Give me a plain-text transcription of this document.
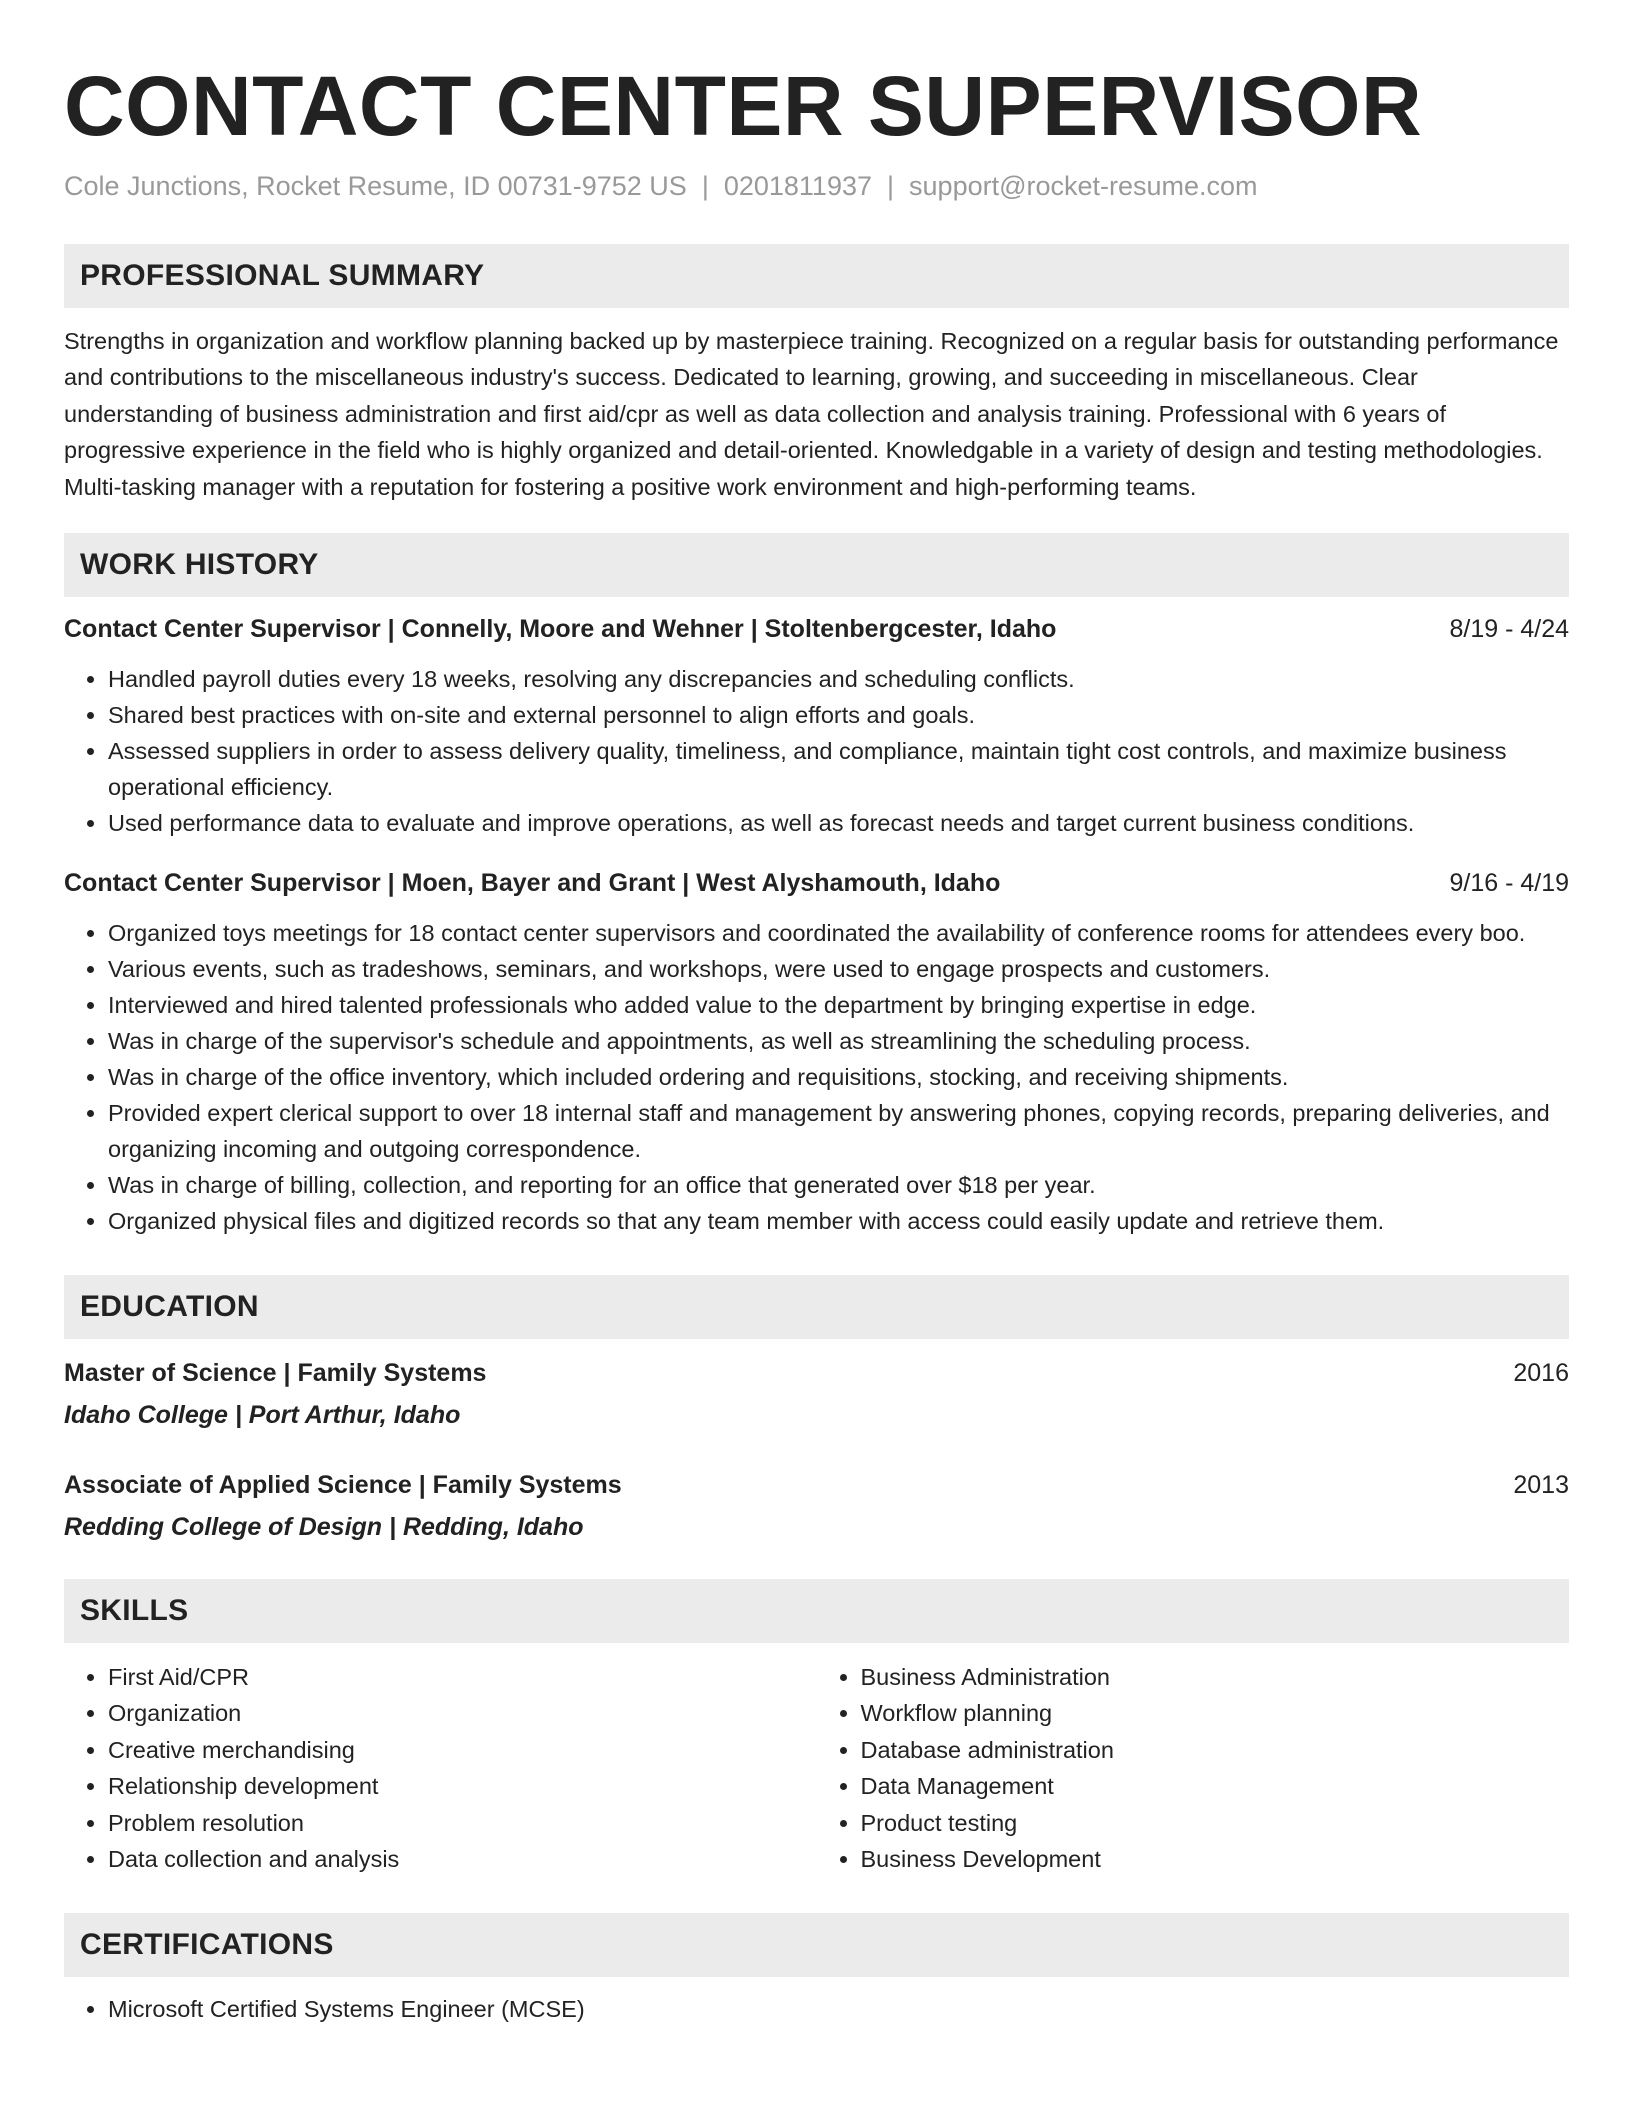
CONTACT CENTER SUPERVISOR
Cole Junctions, Rocket Resume, ID 00731-9752 US | 0201811937 | support@rocket-resume.com
PROFESSIONAL SUMMARY
Strengths in organization and workflow planning backed up by masterpiece training. Recognized on a regular basis for outstanding performance and contributions to the miscellaneous industry's success. Dedicated to learning, growing, and succeeding in miscellaneous. Clear understanding of business administration and first aid/cpr as well as data collection and analysis training. Professional with 6 years of progressive experience in the field who is highly organized and detail-oriented. Knowledgable in a variety of design and testing methodologies. Multi-tasking manager with a reputation for fostering a positive work environment and high-performing teams.
WORK HISTORY
Contact Center Supervisor | Connelly, Moore and Wehner | Stoltenbergcester, Idaho	8/19 - 4/24
• Handled payroll duties every 18 weeks, resolving any discrepancies and scheduling conflicts.
• Shared best practices with on-site and external personnel to align efforts and goals.
• Assessed suppliers in order to assess delivery quality, timeliness, and compliance, maintain tight cost controls, and maximize business operational efficiency.
• Used performance data to evaluate and improve operations, as well as forecast needs and target current business conditions.
Contact Center Supervisor | Moen, Bayer and Grant | West Alyshamouth, Idaho	9/16 - 4/19
• Organized toys meetings for 18 contact center supervisors and coordinated the availability of conference rooms for attendees every boo.
• Various events, such as tradeshows, seminars, and workshops, were used to engage prospects and customers.
• Interviewed and hired talented professionals who added value to the department by bringing expertise in edge.
• Was in charge of the supervisor's schedule and appointments, as well as streamlining the scheduling process.
• Was in charge of the office inventory, which included ordering and requisitions, stocking, and receiving shipments.
• Provided expert clerical support to over 18 internal staff and management by answering phones, copying records, preparing deliveries, and organizing incoming and outgoing correspondence.
• Was in charge of billing, collection, and reporting for an office that generated over $18 per year.
• Organized physical files and digitized records so that any team member with access could easily update and retrieve them.
EDUCATION
Master of Science | Family Systems	2016
Idaho College | Port Arthur, Idaho
Associate of Applied Science | Family Systems	2013
Redding College of Design | Redding, Idaho
SKILLS
• First Aid/CPR
• Organization
• Creative merchandising
• Relationship development
• Problem resolution
• Data collection and analysis
• Business Administration
• Workflow planning
• Database administration
• Data Management
• Product testing
• Business Development
CERTIFICATIONS
• Microsoft Certified Systems Engineer (MCSE)
